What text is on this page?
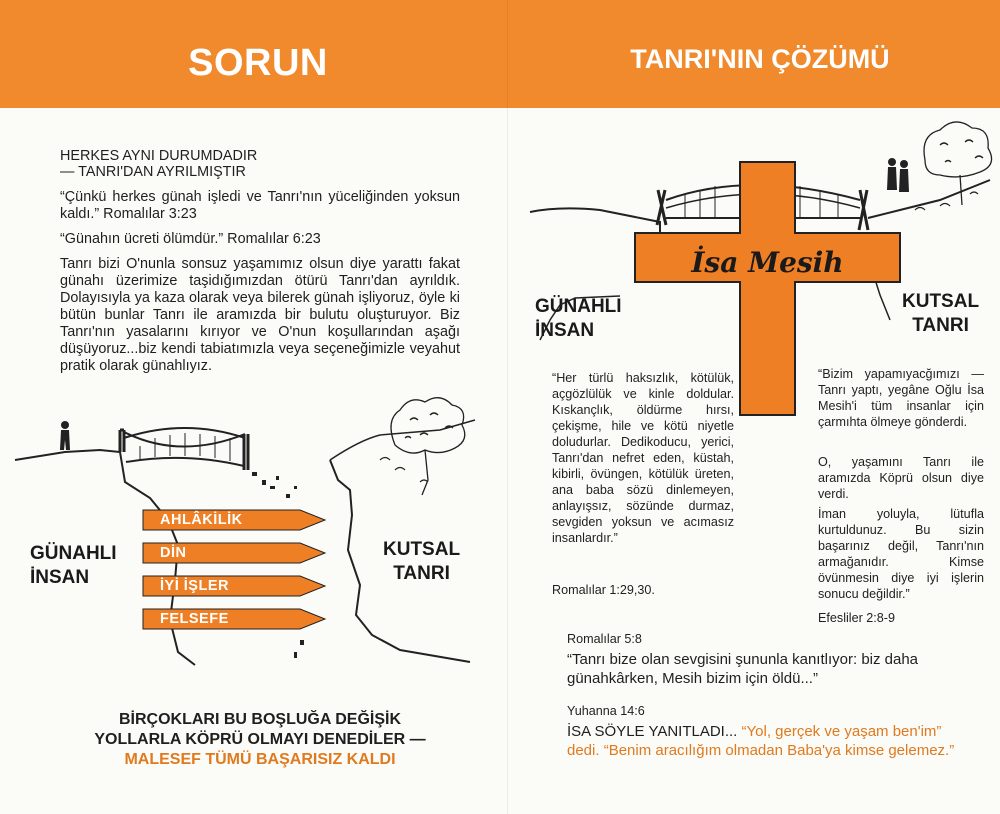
SORUN	TANRI'NIN ÇÖZÜMÜ
HERKES AYNI DURUMDADIR
— TANRI'DAN AYRILMIŞTIR

“Çünkü herkes günah işledi ve Tanrı'nın yüceliğinden yoksun kaldı.” Romalılar 3:23

“Günahın ücreti ölümdür.” Romalılar 6:23

Tanrı bizi O'nunla sonsuz yaşamımız olsun diye yarattı fakat günahı üzerimize taşidığımızdan ötürü Tanrı'dan ayrıldık. Dolayısıyla ya kaza olarak veya bilerek günah işliyoruz, öyle ki bütün bunlar Tanrı ile aramızda bir bulutu oluşturuyor. Biz Tanrı'nın yasalarını kırıyor ve O'nun koşullarından aşağı düşüyoruz...biz kendi tabiatımızla veya seçeneğimizle veyahut pratik olarak günahlıyız.

AHLÂKİLİK
DİN
İYİ İŞLER
FELSEFE
GÜNAHLI
İNSAN
KUTSAL
TANRI
BİRÇOKLARI BU BOŞLUĞA DEĞİŞİK
YOLLARLA KÖPRÜ OLMAYI DENEDİLER —
MALESEF TÜMÜ BAŞARISIZ KALDI
İsa Mesih
GÜNAHLI
İNSAN
KUTSAL
TANRI
“Her türlü haksızlık, kötülük, açgözlülük ve kinle doldular. Kıskançlık, öldürme hırsı, çekişme, hile ve kötü niyetle doludurlar. Dedikoducu, yerici, Tanrı'dan nefret eden, küstah, kibirli, övüngen, kötülük üreten, ana baba sözü dinlemeyen, anlayışsız, sözünde durmaz, sevgiden yoksun ve acımasız insanlardır.”
Romalılar 1:29,30.
“Bizim yapamıyacğımızı — Tanrı yaptı, yegâne Oğlu İsa Mesih'i tüm insanlar için çarmıhta ölmeye gönderdi.
O, yaşamını Tanrı ile aramızda Köprü olsun diye verdi.
İman yoluyla, lütufla kurtuldunuz. Bu sizin başarınız değil, Tanrı'nın armağanıdır. Kimse övünmesin diye iyi işlerin sonucu değildir.”
Efesliler 2:8-9
Romalılar 5:8
“Tanrı bize olan sevgisini şununla kanıtlıyor: biz daha günahkârken, Mesih bizim için öldü...”
Yuhanna 14:6
İSA SÖYLE YANITLADI... “Yol, gerçek ve yaşam ben'im” dedi. “Benim aracılığım olmadan Baba'ya kimse gelemez.”
